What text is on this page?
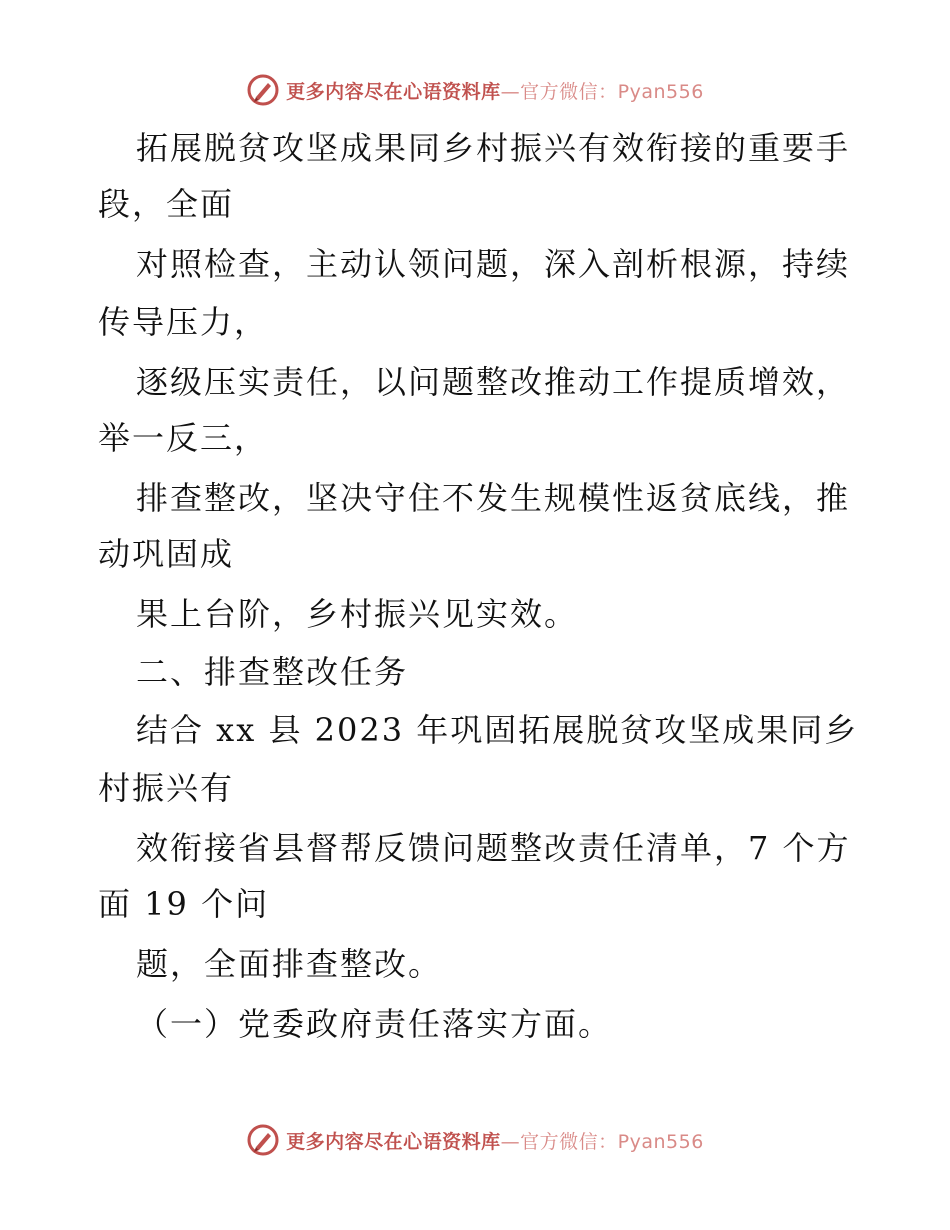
更多内容尽在心语资料库—官方微信：Pyan556
拓展脱贫攻坚成果同乡村振兴有效衔接的重要手
段，全面
对照检查，主动认领问题，深入剖析根源，持续
传导压力，
逐级压实责任，以问题整改推动工作提质增效，
举一反三，
排查整改，坚决守住不发生规模性返贫底线，推
动巩固成
果上台阶，乡村振兴见实效。
二、排查整改任务
结合 xx 县 2023 年巩固拓展脱贫攻坚成果同乡
村振兴有
效衔接省县督帮反馈问题整改责任清单，7 个方
面 19 个问
题，全面排查整改。
（一）党委政府责任落实方面。
更多内容尽在心语资料库—官方微信：Pyan556
